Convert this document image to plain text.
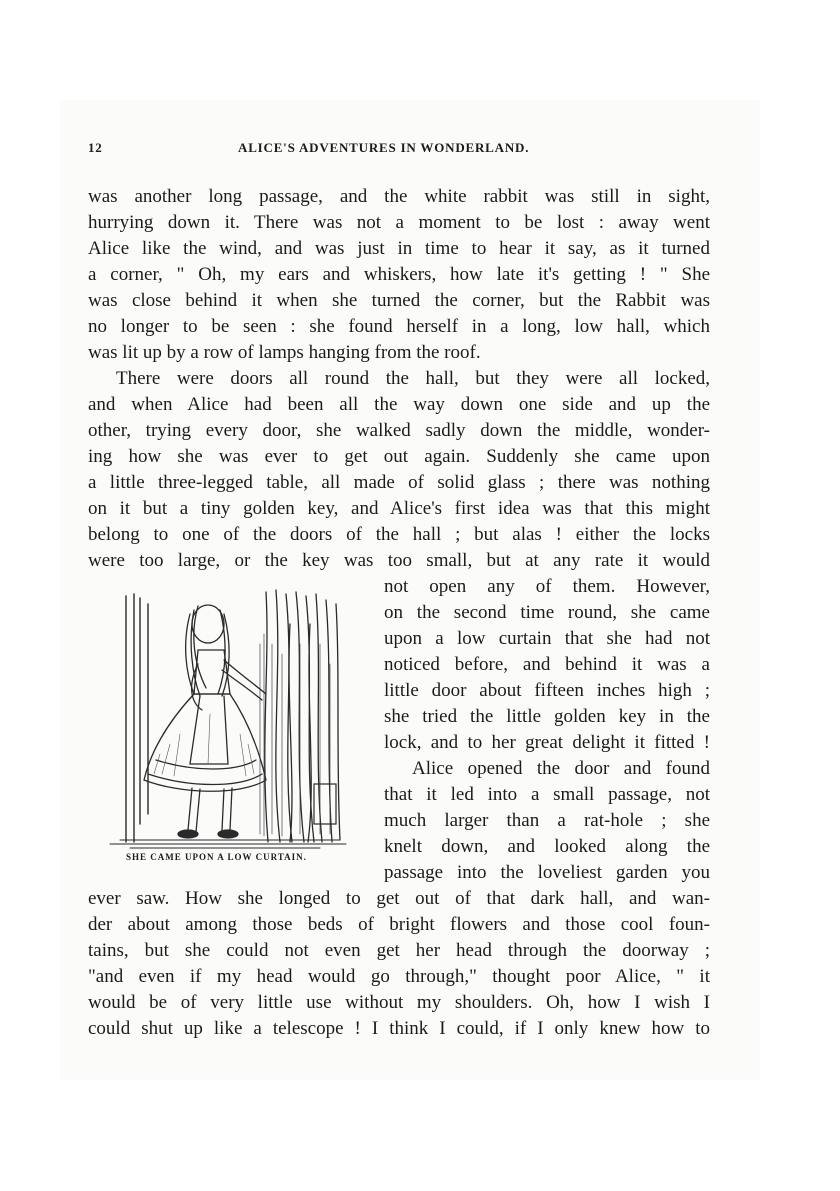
12	ALICE'S ADVENTURES IN WONDERLAND.
was another long passage, and the white rabbit was still in sight,
hurrying down it. There was not a moment to be lost : away went
Alice like the wind, and was just in time to hear it say, as it turned
a corner, " Oh, my ears and whiskers, how late it's getting ! " She
was close behind it when she turned the corner, but the Rabbit was
no longer to be seen : she found herself in a long, low hall, which
was lit up by a row of lamps hanging from the roof.
There were doors all round the hall, but they were all locked,
and when Alice had been all the way down one side and up the
other, trying every door, she walked sadly down the middle, wonder-
ing how she was ever to get out again. Suddenly she came upon
a little three-legged table, all made of solid glass ; there was nothing
on it but a tiny golden key, and Alice's first idea was that this might
belong to one of the doors of the hall ; but alas ! either the locks
were too large, or the key was too small, but at any rate it would
not open any of them. However,
on the second time round, she came
upon a low curtain that she had not
noticed before, and behind it was a
little door about fifteen inches high ;
she tried the little golden key in the
lock, and to her great delight it fitted !
Alice opened the door and found
that it led into a small passage, not
much larger than a rat-hole ; she
knelt down, and looked along the
passage into the loveliest garden you
ever saw. How she longed to get out of that dark hall, and wan-
der about among those beds of bright flowers and those cool foun-
tains, but she could not even get her head through the doorway ;
"and even if my head would go through," thought poor Alice, " it
would be of very little use without my shoulders. Oh, how I wish I
could shut up like a telescope ! I think I could, if I only knew how to
SHE CAME UPON A LOW CURTAIN.
